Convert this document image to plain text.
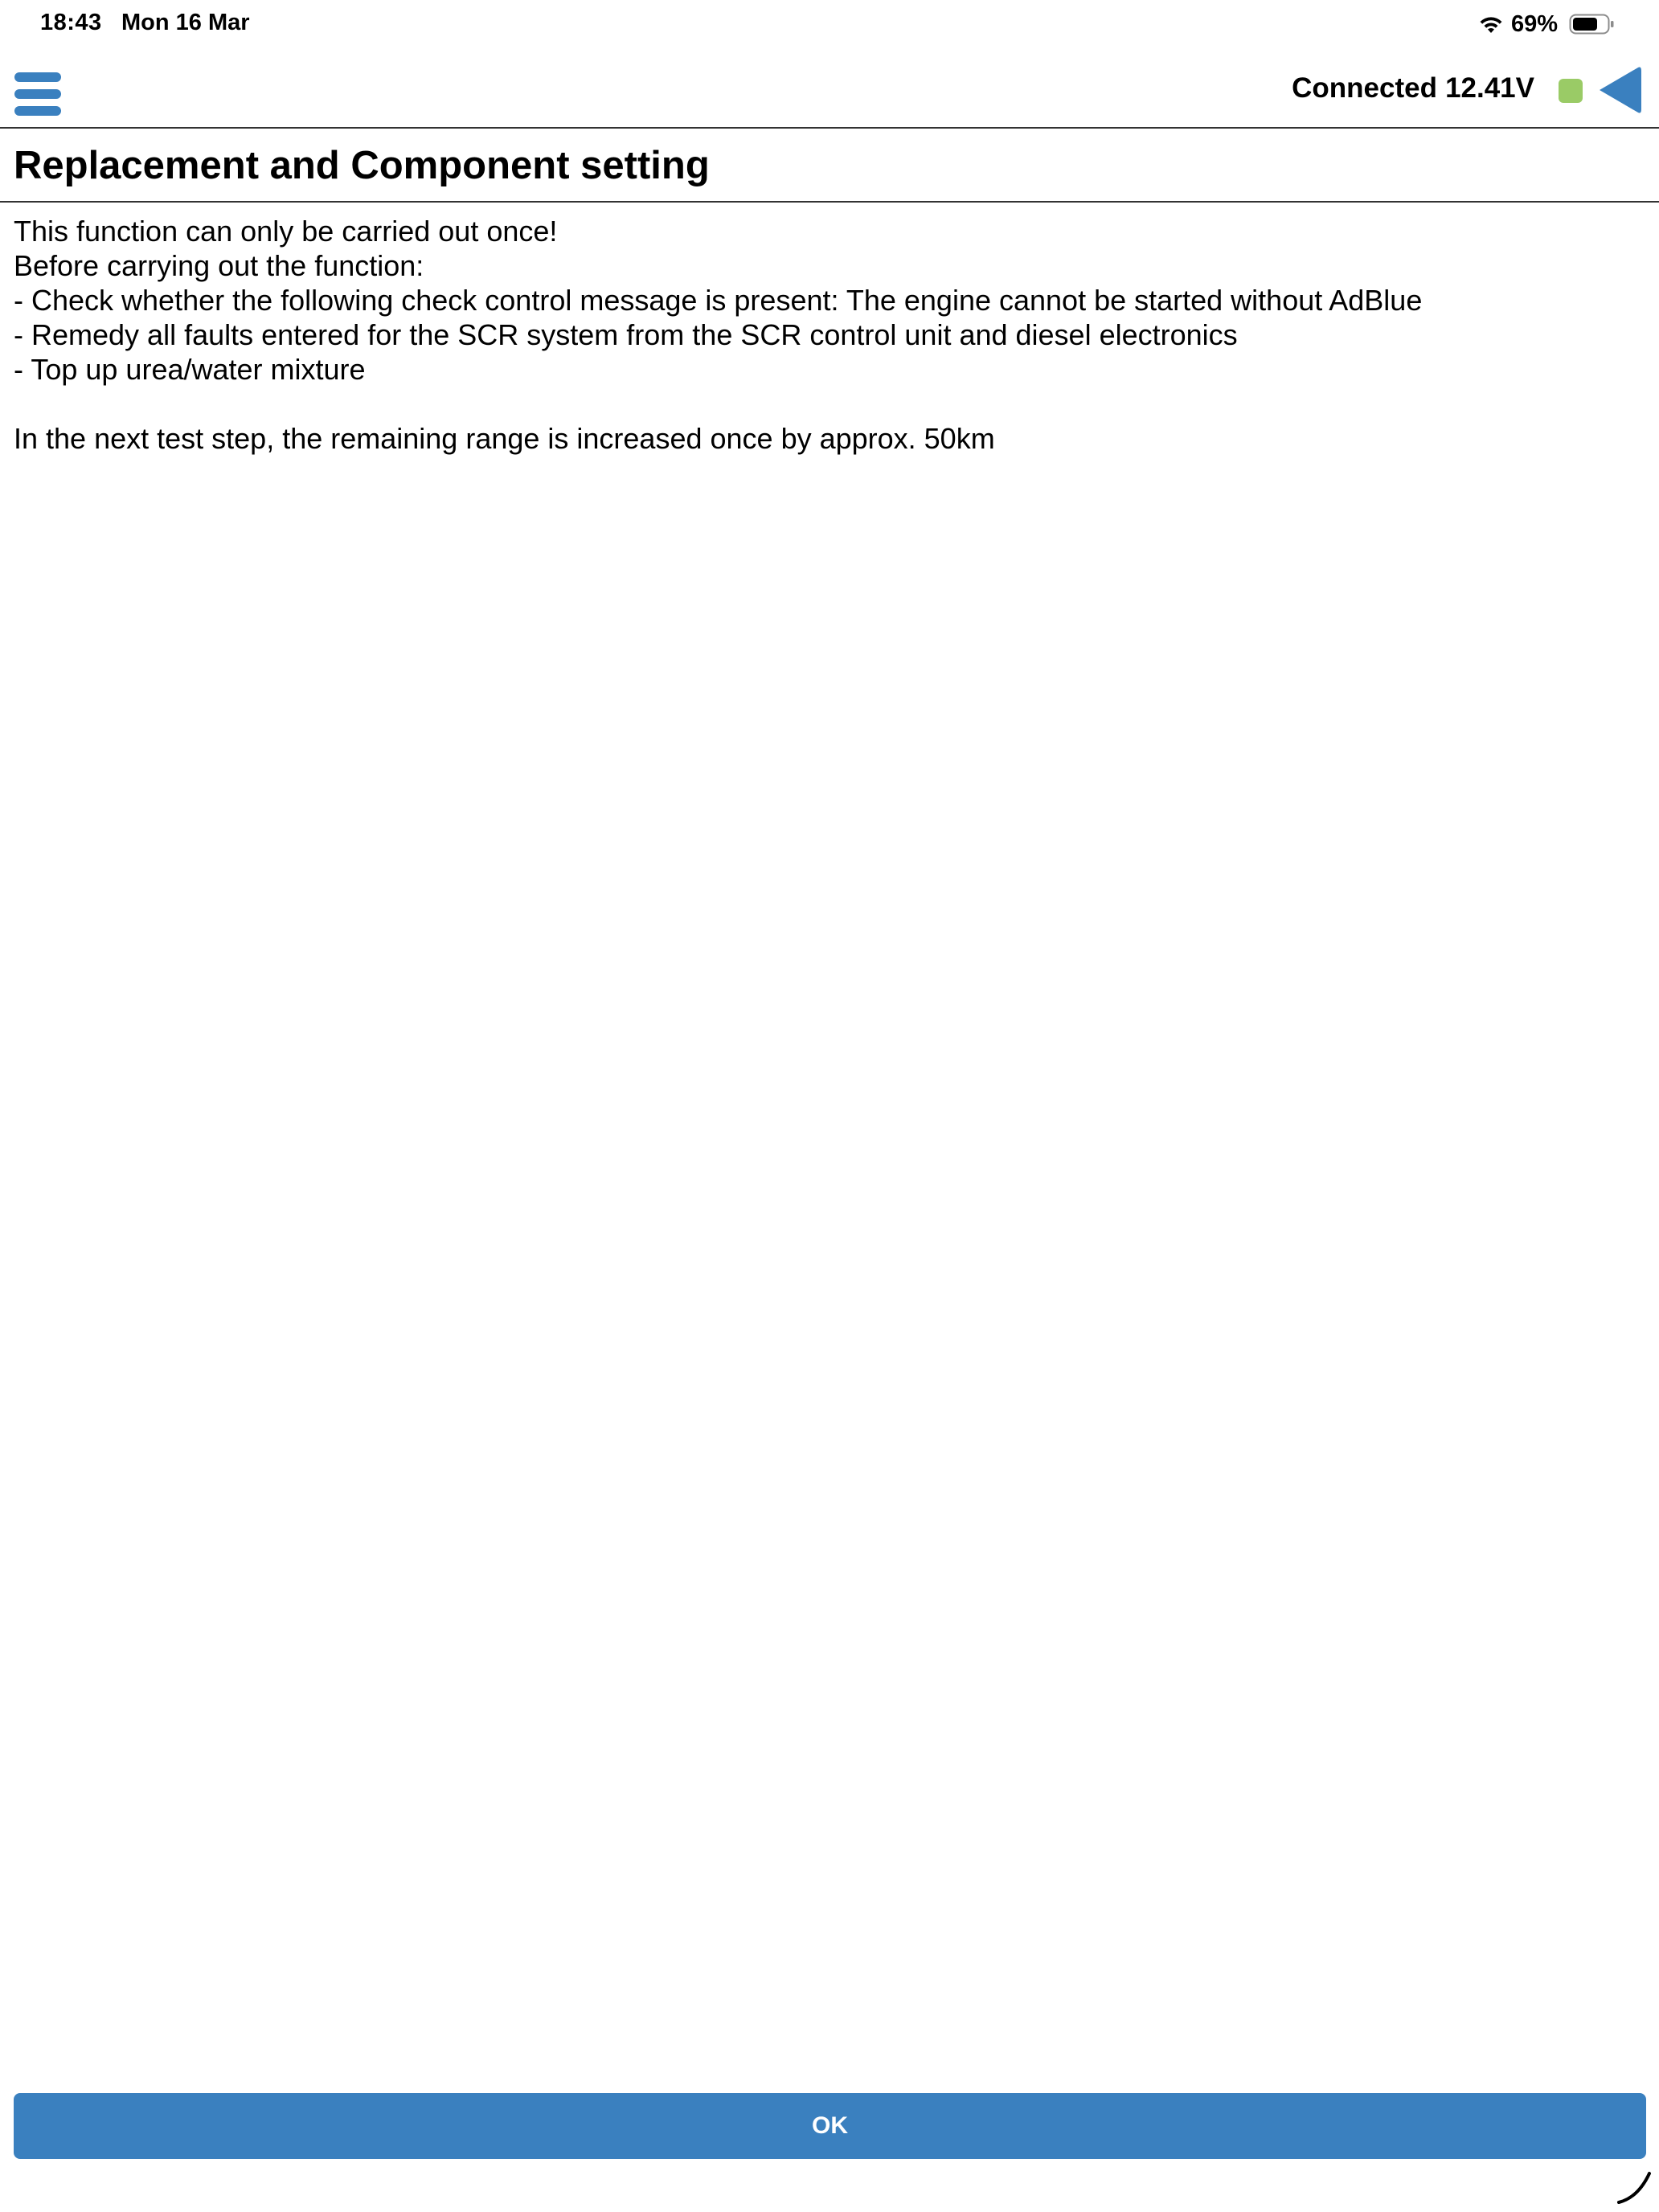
18:43 Mon 16 Mar	69%
Connected 12.41V
Replacement and Component setting

This function can only be carried out once!

Before carrying out the function:

- Check whether the following check control message is present: The engine cannot be started without AdBlue

- Remedy all faults entered for the SCR system from the SCR control unit and diesel electronics

- Top up urea/water mixture

In the next test step, the remaining range is increased once by approx. 50km

OK
